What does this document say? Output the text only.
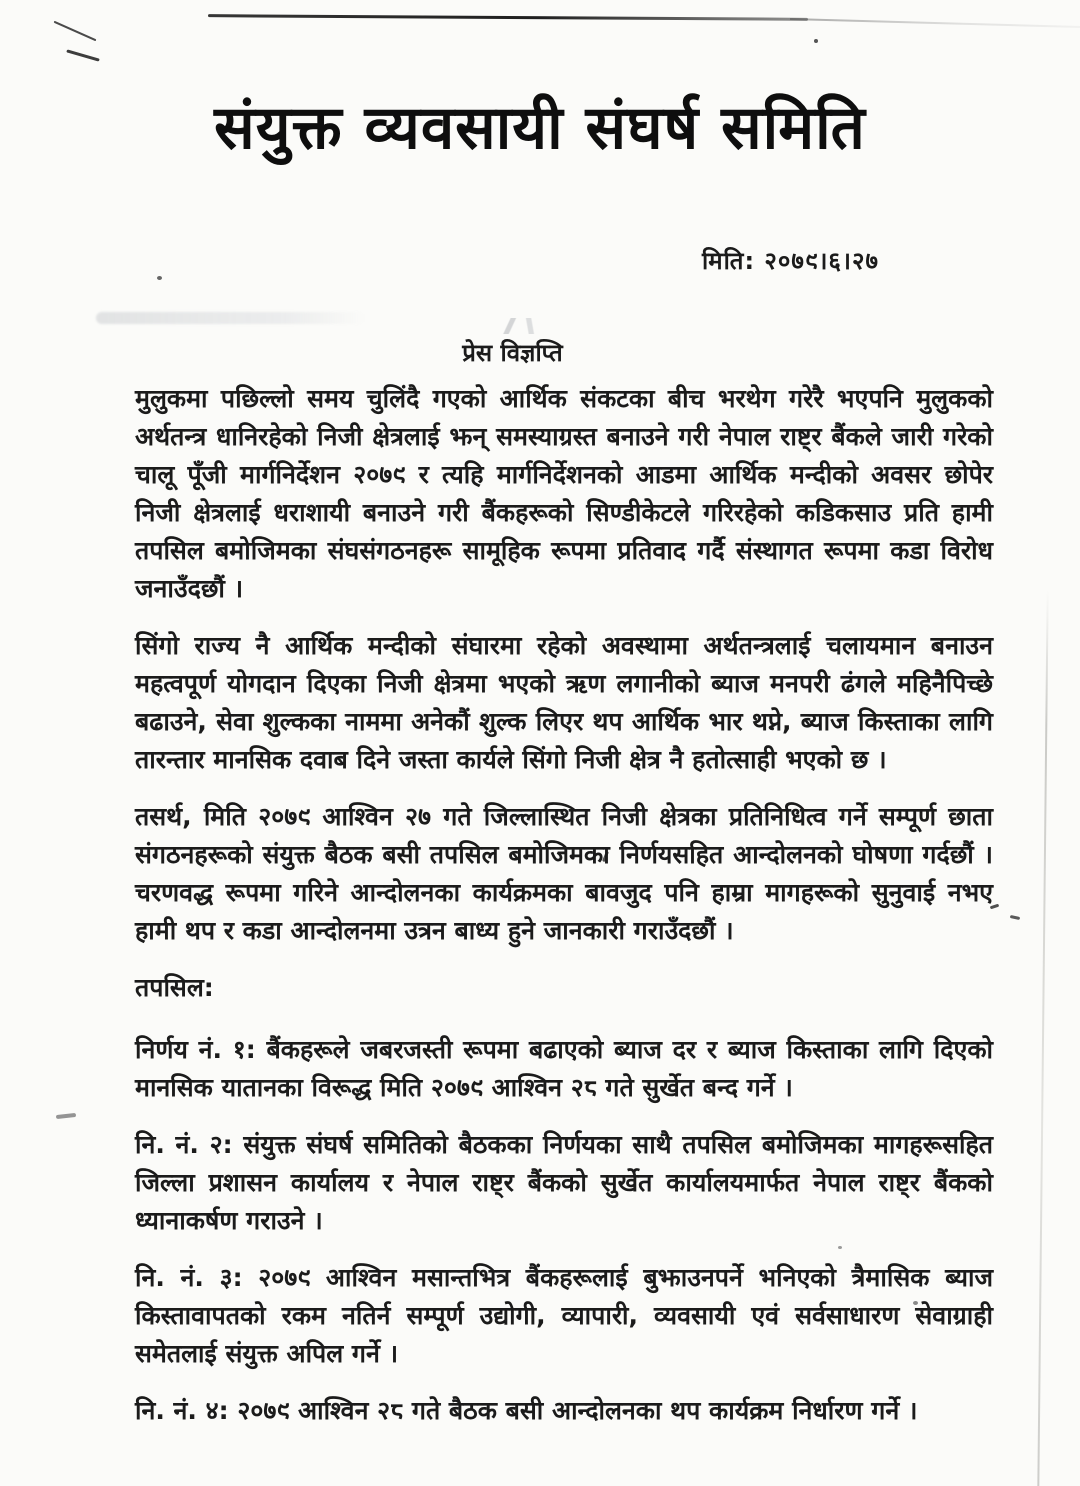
संयुक्त व्यवसायी संघर्ष समिति
मिति: २०७९।६।२७
प्रेस विज्ञप्ति

मुलुकमा पछिल्लो समय चुलिंदै गएको आर्थिक संकटका बीच भरथेग गरेरै भएपनि मुलुकको अर्थतन्त्र धानिरहेको निजी क्षेत्रलाई झन् समस्याग्रस्त बनाउने गरी नेपाल राष्ट्र बैंकले जारी गरेको चालू पूँजी मार्गनिर्देशन २०७९ र त्यहि मार्गनिर्देशनको आडमा आर्थिक मन्दीको अवसर छोपेर निजी क्षेत्रलाई धराशायी बनाउने गरी बैंकहरूको सिण्डीकेटले गरिरहेको कडिकसाउ प्रति हामी तपसिल बमोजिमका संघसंगठनहरू सामूहिक रूपमा प्रतिवाद गर्दै संस्थागत रूपमा कडा विरोध जनाउँदछौं ।

सिंगो राज्य नै आर्थिक मन्दीको संघारमा रहेको अवस्थामा अर्थतन्त्रलाई चलायमान बनाउन महत्वपूर्ण योगदान दिएका निजी क्षेत्रमा भएको ऋण लगानीको ब्याज मनपरी ढंगले महिनैपिच्छे बढाउने, सेवा शुल्कका नाममा अनेकौं शुल्क लिएर थप आर्थिक भार थप्ने, ब्याज किस्ताका लागि तारन्तार मानसिक दवाब दिने जस्ता कार्यले सिंगो निजी क्षेत्र नै हतोत्साही भएको छ ।

तसर्थ, मिति २०७९ आश्विन २७ गते जिल्लास्थित निजी क्षेत्रका प्रतिनिधित्व गर्ने सम्पूर्ण छाता संगठनहरूको संयुक्त बैठक बसी तपसिल बमोजिमका निर्णयसहित आन्दोलनको घोषणा गर्दछौं । चरणवद्ध रूपमा गरिने आन्दोलनका कार्यक्रमका बावजुद पनि हाम्रा मागहरूको सुनुवाई नभए हामी थप र कडा आन्दोलनमा उत्रन बाध्य हुने जानकारी गराउँदछौं ।

तपसिल:

निर्णय नं. १: बैंकहरूले जबरजस्ती रूपमा बढाएको ब्याज दर र ब्याज किस्ताका लागि दिएको मानसिक यातानका विरूद्ध मिति २०७९ आश्विन २८ गते सुर्खेत बन्द गर्ने ।

नि. नं. २: संयुक्त संघर्ष समितिको बैठकका निर्णयका साथै तपसिल बमोजिमका मागहरूसहित जिल्ला प्रशासन कार्यालय र नेपाल राष्ट्र बैंकको सुर्खेत कार्यालयमार्फत नेपाल राष्ट्र बैंकको ध्यानाकर्षण गराउने ।

नि. नं. ३: २०७९ आश्विन मसान्तभित्र बैंकहरूलाई बुझाउनपर्ने भनिएको त्रैमासिक ब्याज किस्तावापतको रकम नतिर्न सम्पूर्ण उद्योगी, व्यापारी, व्यवसायी एवं सर्वसाधारण सेवाग्राही समेतलाई संयुक्त अपिल गर्ने ।

नि. नं. ४: २०७९ आश्विन २८ गते बैठक बसी आन्दोलनका थप कार्यक्रम निर्धारण गर्ने ।
